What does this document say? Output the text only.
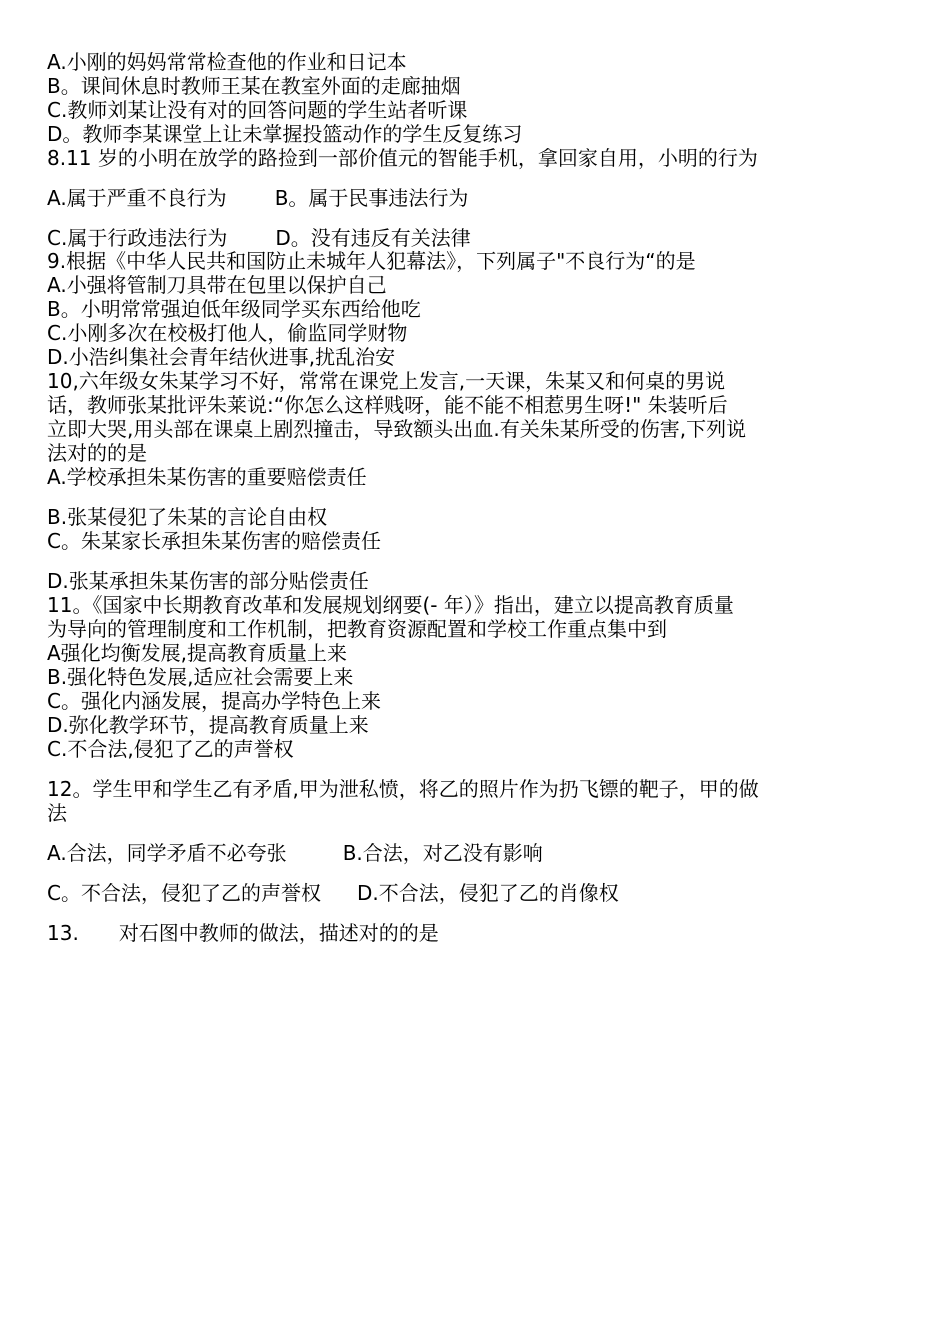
A.小刚的妈妈常常检查他的作业和日记本
B。课间休息时教师王某在教室外面的走廊抽烟
C.教师刘某让没有对的回答问题的学生站者听课
D。教师李某课堂上让未掌握投篮动作的学生反复练习
8.11 岁的小明在放学的路捡到一部价值元的智能手机，拿回家自用，小明的行为
A.属于严重不良行为 B。属于民事违法行为
C.属于行政违法行为 D。没有违反有关法律
9.根据《中华人民共和国防止未城年人犯幕法》，下列属子"不良行为“的是
A.小强将管制刀具带在包里以保护自己
B。小明常常强迫低年级同学买东西给他吃
C.小刚多次在校极打他人，偷监同学财物
D.小浩纠集社会青年结伙进事,扰乱治安
10,六年级女朱某学习不好，常常在课党上发言,一天课，朱某又和何桌的男说
话，教师张某批评朱莱说:“你怎么这样贱呀，能不能不相惹男生呀!" 朱装听后
立即大哭,用头部在课桌上剧烈撞击，导致额头出血.有关朱某所受的伤害,下列说
法对的的是
A.学校承担朱某伤害的重要赔偿责任
B.张某侵犯了朱某的言论自由权
C。朱某家长承担朱某伤害的赔偿责任
D.张某承担朱某伤害的部分贴偿责任
11。《国家中长期教育改革和发展规划纲要(- 年）》指出，建立以提高教育质量
为导向的管理制度和工作机制，把教育资源配置和学校工作重点集中到
A强化均衡发展,提高教育质量上来
B.强化特色发展,适应社会需要上来
C。强化内涵发展，提高办学特色上来
D.弥化教学环节，提高教育质量上来
C.不合法,侵犯了乙的声誉权
12。学生甲和学生乙有矛盾,甲为泄私愤，将乙的照片作为扔飞镖的靶子，甲的做
法
A.合法，同学矛盾不必夸张	B.合法，对乙没有影响
C。不合法，侵犯了乙的声誉权 D.不合法，侵犯了乙的肖像权
13. 对石图中教师的做法，描述对的的是
